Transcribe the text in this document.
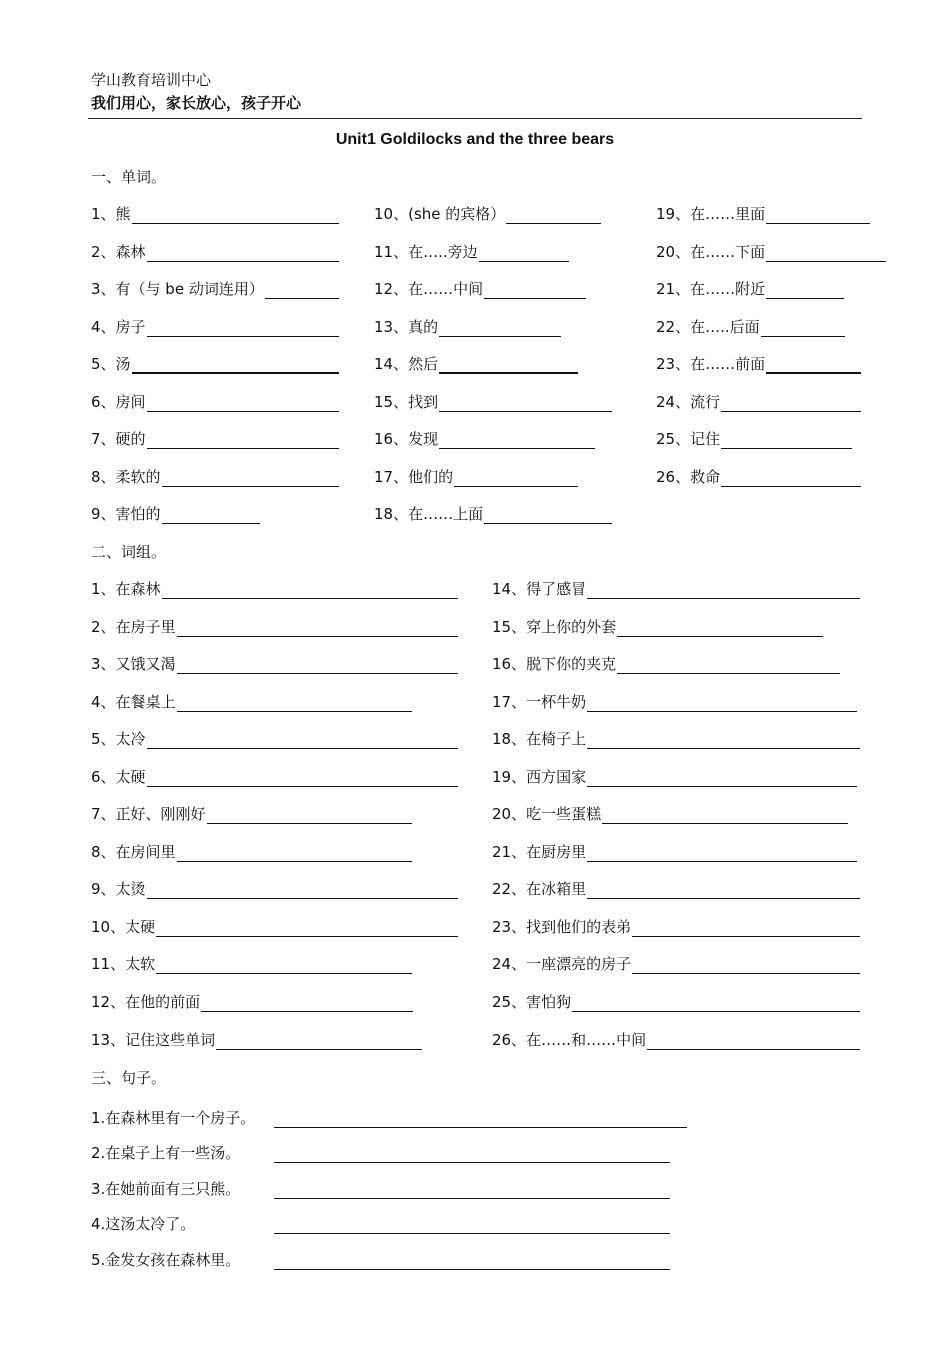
学山教育培训中心
我们用心，家长放心，孩子开心
Unit1 Goldilocks and the three bears
一、单词。
二、词组。
三、句子。
1、熊
2、森林
3、有（与 be 动词连用）
4、房子
5、汤
6、房间
7、硬的
8、柔软的
9、害怕的
10、(she 的宾格）
11、在…..旁边
12、在……中间
13、真的
14、然后
15、找到
16、发现
17、他们的
18、在……上面
19、在……里面
20、在……下面
21、在……附近
22、在…..后面
23、在……前面
24、流行
25、记住
26、救命
1、在森林
2、在房子里
3、又饿又渴
4、在餐桌上
5、太冷
6、太硬
7、正好、刚刚好
8、在房间里
9、太烫
10、太硬
11、太软
12、在他的前面
13、记住这些单词
14、得了感冒
15、穿上你的外套
16、脱下你的夹克
17、一杯牛奶
18、在椅子上
19、西方国家
20、吃一些蛋糕
21、在厨房里
22、在冰箱里
23、找到他们的表弟
24、一座漂亮的房子
25、害怕狗
26、在……和……中间
1.在森林里有一个房子。
2.在桌子上有一些汤。
3.在她前面有三只熊。
4.这汤太冷了。
5.金发女孩在森林里。
